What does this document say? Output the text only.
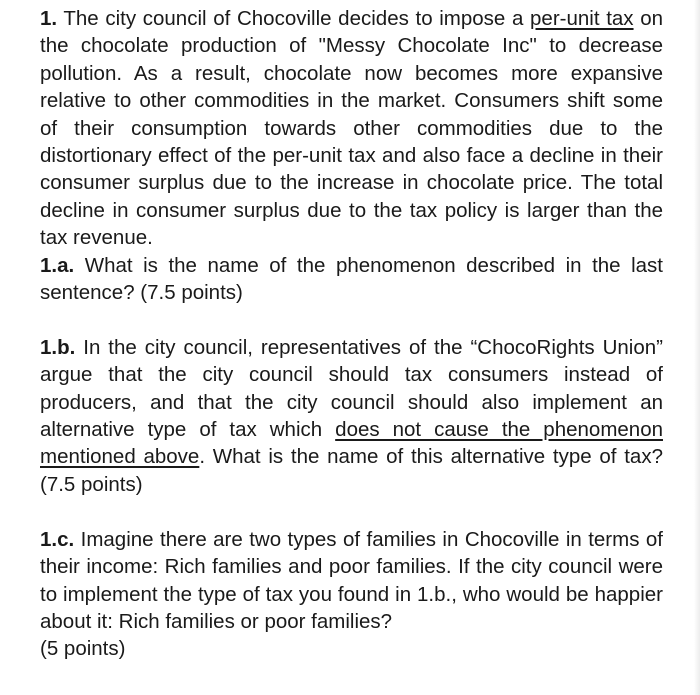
1. The city council of Chocoville decides to impose a per-unit tax on the chocolate production of "Messy Chocolate Inc" to decrease pollution. As a result, chocolate now becomes more expansive relative to other commodities in the market. Consumers shift some of their consumption towards other commodities due to the distortionary effect of the per-unit tax and also face a decline in their consumer surplus due to the increase in chocolate price. The total decline in consumer surplus due to the tax policy is larger than the tax revenue.

1.a. What is the name of the phenomenon described in the last sentence? (7.5 points)

1.b. In the city council, representatives of the “ChocoRights Union” argue that the city council should tax consumers instead of producers, and that the city council should also implement an alternative type of tax which does not cause the phenomenon mentioned above. What is the name of this alternative type of tax? (7.5 points)

1.c. Imagine there are two types of families in Chocoville in terms of their income: Rich families and poor families. If the city council were to implement the type of tax you found in 1.b., who would be happier about it: Rich families or poor families?

(5 points)
